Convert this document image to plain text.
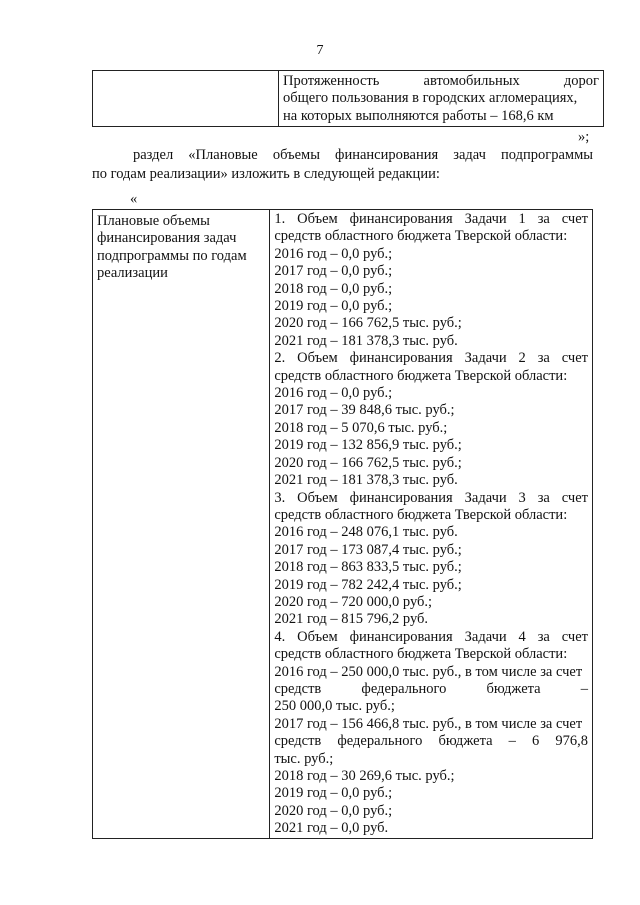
7

Протяженность автомобильных дорог
общего пользования в городских агломерациях,
на которых выполняются работы – 168,6 км
»;
раздел «Плановые объемы финансирования задач подпрограммы
по годам реализации» изложить в следующей редакции:
«
Плановые объемы
финансирования задач
подпрограммы по годам
реализации

1. Объем финансирования Задачи 1 за счет
средств областного бюджета Тверской области:
2016 год – 0,0 руб.;
2017 год – 0,0 руб.;
2018 год – 0,0 руб.;
2019 год – 0,0 руб.;
2020 год – 166 762,5 тыс. руб.;
2021 год – 181 378,3 тыс. руб.
2. Объем финансирования Задачи 2 за счет
средств областного бюджета Тверской области:
2016 год – 0,0 руб.;
2017 год – 39 848,6 тыс. руб.;
2018 год – 5 070,6 тыс. руб.;
2019 год – 132 856,9 тыс. руб.;
2020 год – 166 762,5 тыс. руб.;
2021 год – 181 378,3 тыс. руб.
3. Объем финансирования Задачи 3 за счет
средств областного бюджета Тверской области:
2016 год – 248 076,1 тыс. руб.
2017 год – 173 087,4 тыс. руб.;
2018 год – 863 833,5 тыс. руб.;
2019 год – 782 242,4 тыс. руб.;
2020 год – 720 000,0 руб.;
2021 год – 815 796,2 руб.
4. Объем финансирования Задачи 4 за счет
средств областного бюджета Тверской области:
2016 год – 250 000,0 тыс. руб., в том числе за счет
средств федерального бюджета –
250 000,0 тыс. руб.;
2017 год – 156 466,8 тыс. руб., в том числе за счет
средств федерального бюджета – 6 976,8
тыс. руб.;
2018 год – 30 269,6 тыс. руб.;
2019 год – 0,0 руб.;
2020 год – 0,0 руб.;
2021 год – 0,0 руб.
